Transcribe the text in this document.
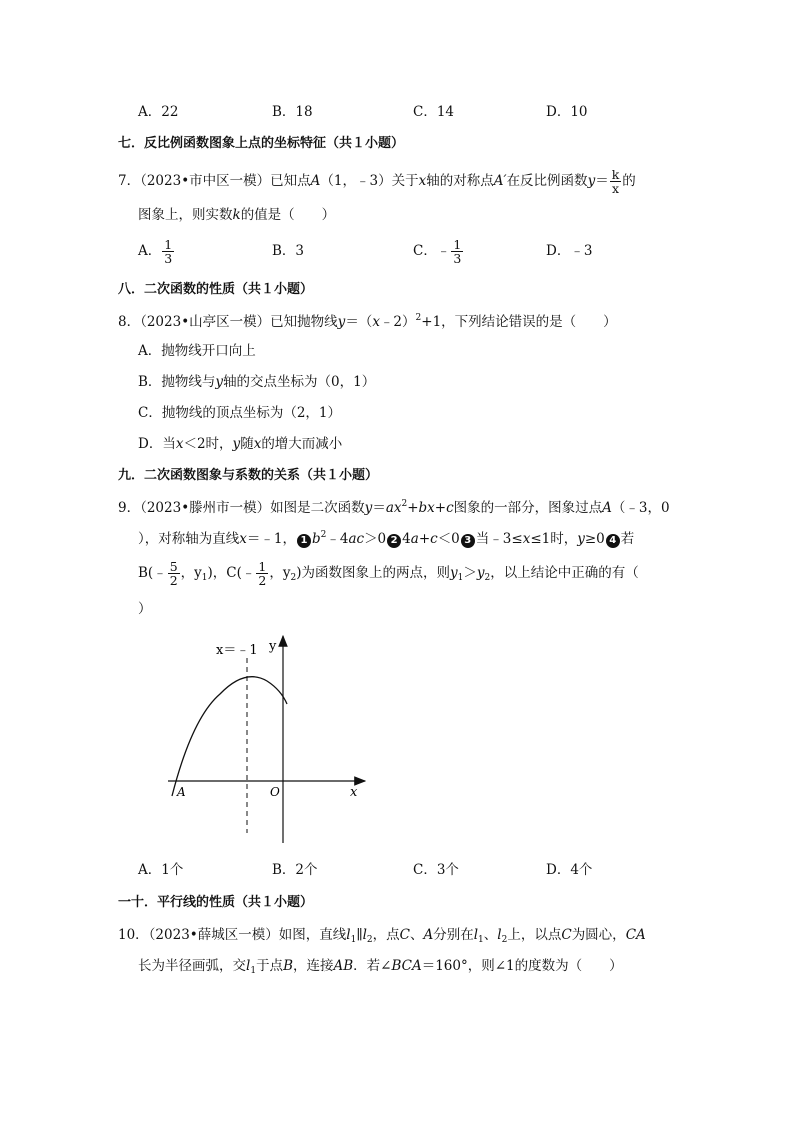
A．22	B．18	C．14	D．10
七．反比例函数图象上点的坐标特征（共１小题）
7．（2023•市中区一模）已知点A（1，﹣3）关于x轴的对称点A′在反比例函数$y= \frac{k}{x}$ 的
图象上，则实数k的值是（　　）
A． $\frac{1}{3}$	B．3	C．﹣ $\frac{1}{3}$	D．﹣3
八．二次函数的性质（共１小题）
8．（2023•山亭区一模）已知抛物线y＝（x﹣2）$^2$+1，下列结论错误的是（　　）
A．抛物线开口向上
B．抛物线与y轴的交点坐标为（0，1）
C．抛物线的顶点坐标为（2，1）
D．当x＜2时，y随x的增大而减小
九．二次函数图象与系数的关系（共１小题）
9．（2023•滕州市一模）如图是二次函数$y=ax^2+bx+c$图象的一部分，图象过点A（﹣3，0
），对称轴为直线x＝﹣1， 1 $b^2﹣4ac>0$ 2 4a+c＜0 3 当﹣3≤x≤1时，y≥0 4 若
B(﹣ $\frac{5}{2}$ ，$y_1$)，C(﹣ $\frac{1}{2}$ ，$y_2$)为函数图象上的两点，则$y_1>y_2$，以上结论中正确的有（
）
x＝﹣1 y
x
A	O
A．1个	B．2个	C．3个	D．4个
一十．平行线的性质（共１小题）
10．（2023•薛城区一模）如图，直线$l_1\parallel l_2$，点C、A分别在$l_1$、$l_2$上，以点C为圆心，CA
长为半径画弧，交$l_1$于点B，连接AB．若∠BCA＝160°，则∠1的度数为（　　）
